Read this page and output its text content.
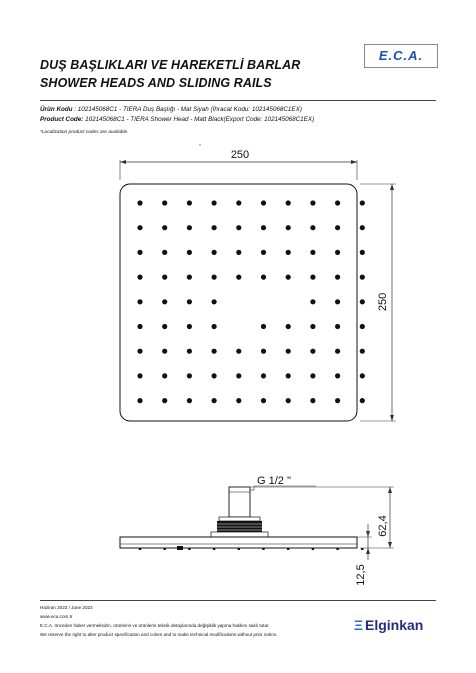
DUŞ BAŞLIKLARI VE HAREKETLİ BARLAR
SHOWER HEADS AND SLIDING RAILS
E.C.A.
Ürün Kodu : 102145068C1 - TIERA Duş Başlığı - Mat Siyah (İhracat Kodu: 102145068C1EX)
Product Code: 102145068C1 - TIERA Shower Head - Matt Black(Export Code: 102145068C1EX)
*Localization product codes are available.
250
250
G 1/2 ''
62,4
12,5
Haziran 2023 / June 2023
www.eca.com.tr
E.C.A. önceden haber vermeksizin, ürünlerin ve ürünlerin teknik detaylarında değişiklik yapma hakkını saklı tutar.
We reserve the right to alter product specification and colors and to make technical modifications without prior notice.
Ξ Elginkan
